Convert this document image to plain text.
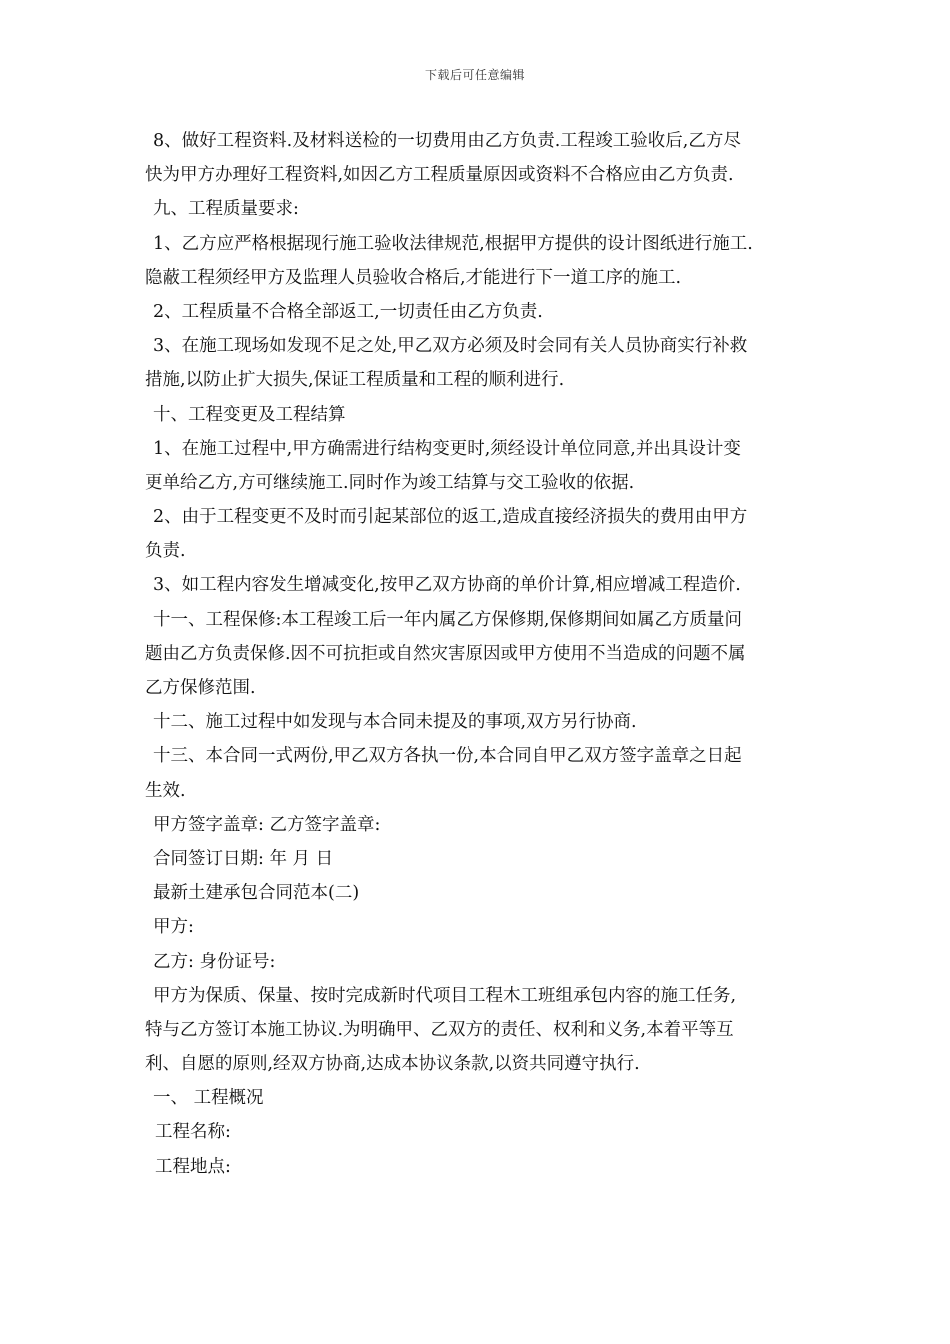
下载后可任意编辑
8、做好工程资料.及材料送检的一切费用由乙方负责.工程竣工验收后,乙方尽
快为甲方办理好工程资料,如因乙方工程质量原因或资料不合格应由乙方负责.
九、工程质量要求:
1、乙方应严格根据现行施工验收法律规范,根据甲方提供的设计图纸进行施工.
隐蔽工程须经甲方及监理人员验收合格后,才能进行下一道工序的施工.
2、工程质量不合格全部返工,一切责任由乙方负责.
3、在施工现场如发现不足之处,甲乙双方必须及时会同有关人员协商实行补救
措施,以防止扩大损失,保证工程质量和工程的顺利进行.
十、工程变更及工程结算
1、在施工过程中,甲方确需进行结构变更时,须经设计单位同意,并出具设计变
更单给乙方,方可继续施工.同时作为竣工结算与交工验收的依据.
2、由于工程变更不及时而引起某部位的返工,造成直接经济损失的费用由甲方
负责.
3、如工程内容发生增减变化,按甲乙双方协商的单价计算,相应增减工程造价.
十一、工程保修:本工程竣工后一年内属乙方保修期,保修期间如属乙方质量问
题由乙方负责保修.因不可抗拒或自然灾害原因或甲方使用不当造成的问题不属
乙方保修范围.
十二、施工过程中如发现与本合同未提及的事项,双方另行协商.
十三、本合同一式两份,甲乙双方各执一份,本合同自甲乙双方签字盖章之日起
生效.
甲方签字盖章: 乙方签字盖章:
合同签订日期: 年 月 日
最新土建承包合同范本(二)
甲方:
乙方: 身份证号:
甲方为保质、保量、按时完成新时代项目工程木工班组承包内容的施工任务,
特与乙方签订本施工协议.为明确甲、乙双方的责任、权利和义务,本着平等互
利、自愿的原则,经双方协商,达成本协议条款,以资共同遵守执行.
一、 工程概况
工程名称:
工程地点:
